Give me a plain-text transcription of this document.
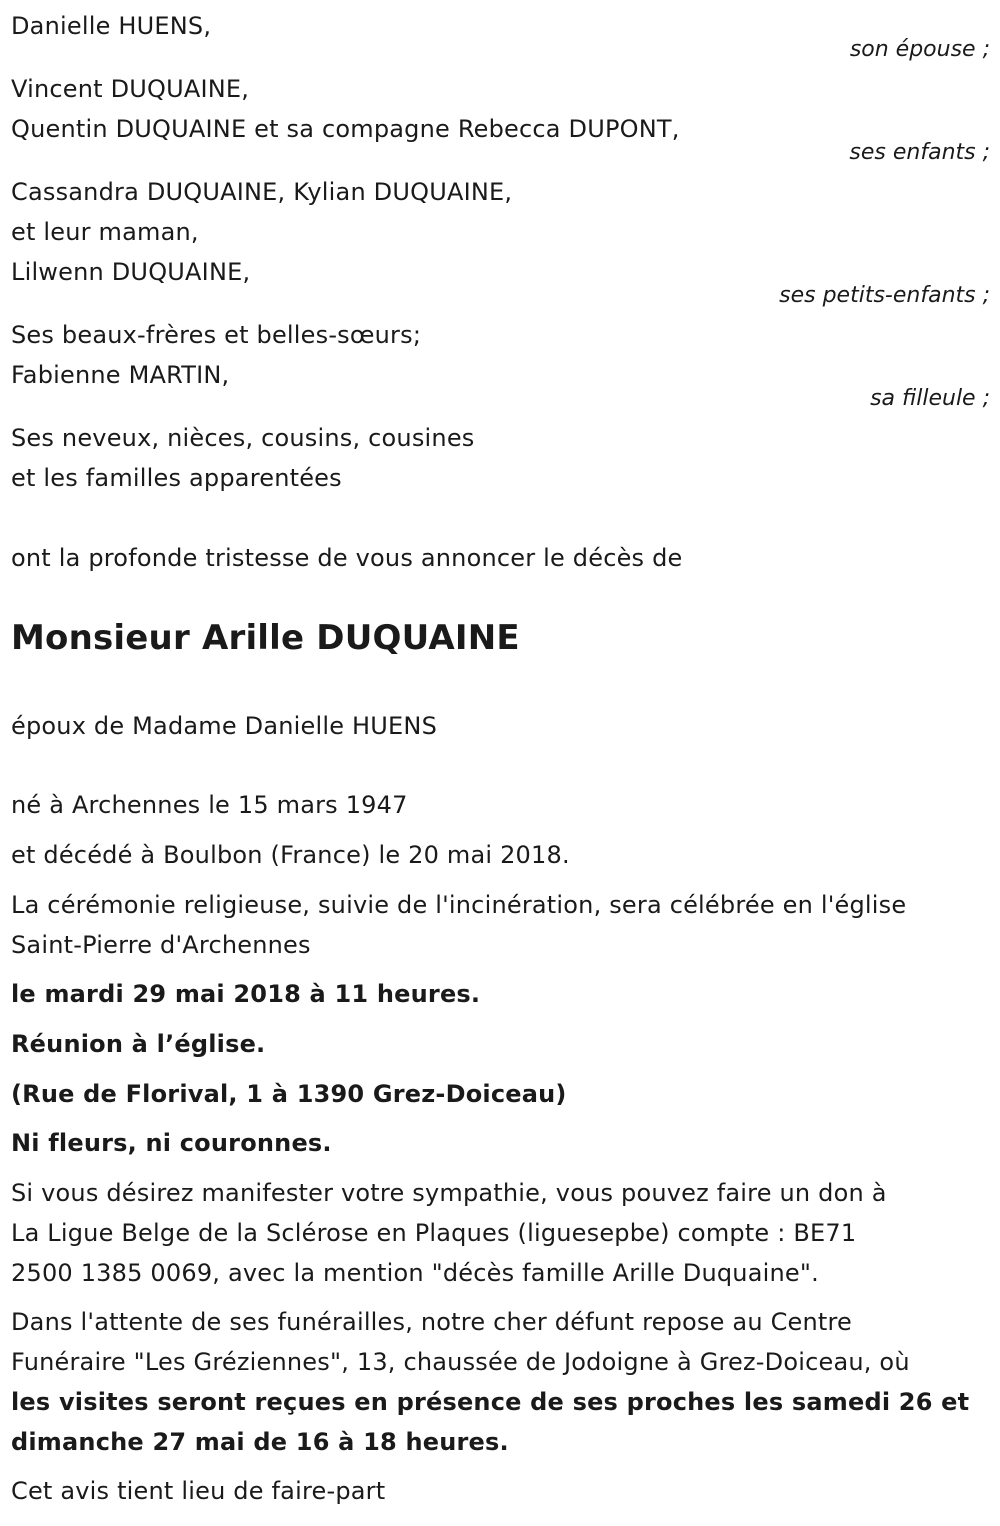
Danielle HUENS,
son épouse ;
Vincent DUQUAINE,
Quentin DUQUAINE et sa compagne Rebecca DUPONT,
ses enfants ;
Cassandra DUQUAINE, Kylian DUQUAINE,
et leur maman,
Lilwenn DUQUAINE,
ses petits-enfants ;
Ses beaux-frères et belles-sœurs;
Fabienne MARTIN,
sa filleule ;
Ses neveux, nièces, cousins, cousines
et les familles apparentées
ont la profonde tristesse de vous annoncer le décès de
Monsieur Arille DUQUAINE
époux de Madame Danielle HUENS
né à Archennes le 15 mars 1947
et décédé à Boulbon (France) le 20 mai 2018.
La cérémonie religieuse, suivie de l'incinération, sera célébrée en l'église
Saint-Pierre d'Archennes
le mardi 29 mai 2018 à 11 heures.
Réunion à l’église.
(Rue de Florival, 1 à 1390 Grez-Doiceau)
Ni fleurs, ni couronnes.
Si vous désirez manifester votre sympathie, vous pouvez faire un don à
La Ligue Belge de la Sclérose en Plaques (liguesepbe) compte : BE71
2500 1385 0069, avec la mention "décès famille Arille Duquaine".
Dans l'attente de ses funérailles, notre cher défunt repose au Centre
Funéraire "Les Gréziennes", 13, chaussée de Jodoigne à Grez-Doiceau, où
les visites seront reçues en présence de ses proches les samedi 26 et
dimanche 27 mai de 16 à 18 heures.
Cet avis tient lieu de faire-part
